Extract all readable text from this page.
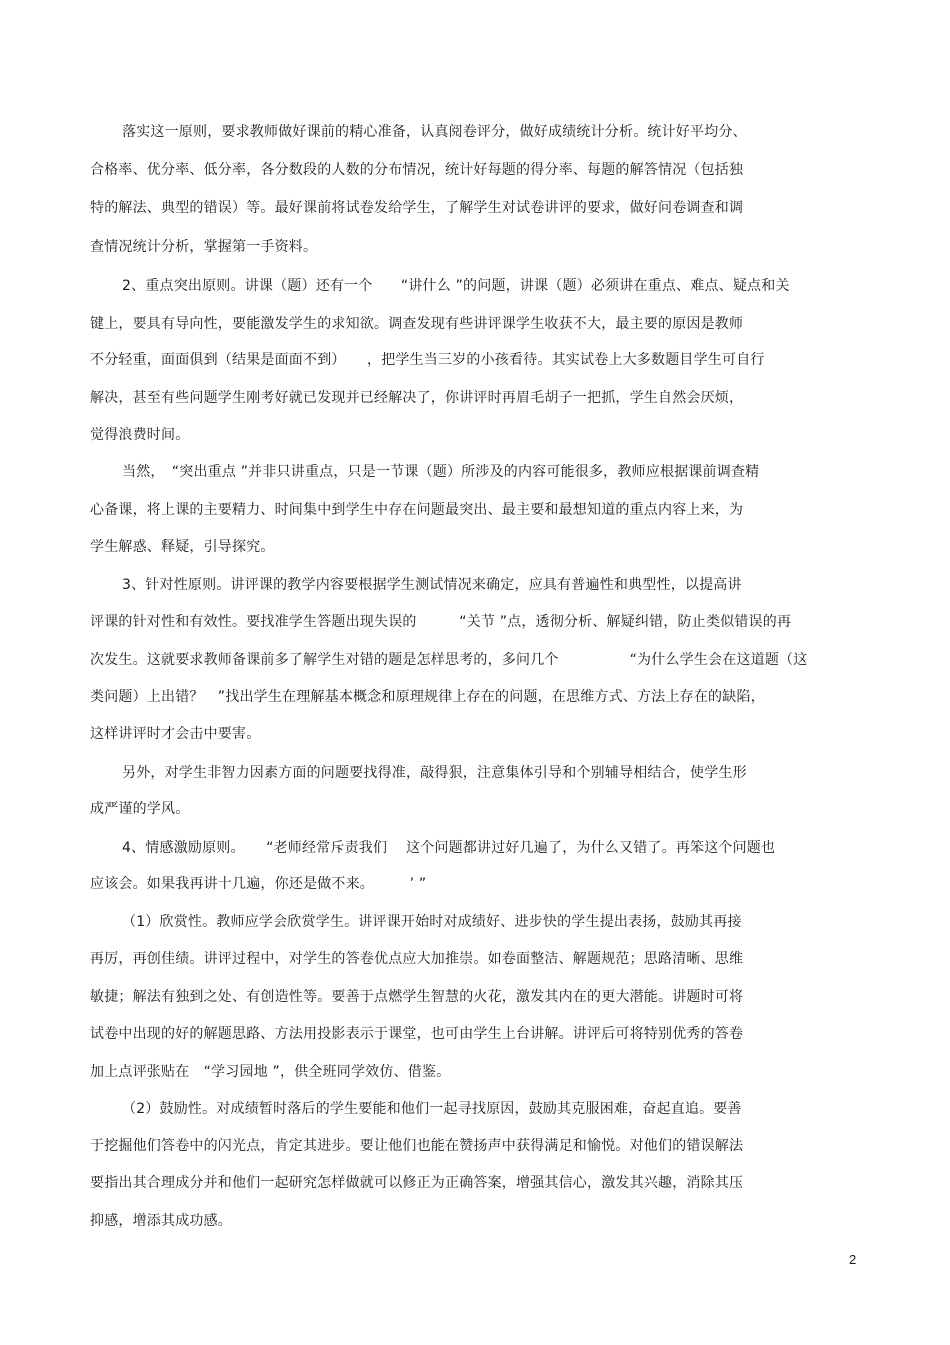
落实这一原则，要求教师做好课前的精心准备，认真阅卷评分，做好成绩统计分析。统计好平均分、
合格率、优分率、低分率，各分数段的人数的分布情况，统计好每题的得分率、每题的解答情况（包括独
特的解法、典型的错误）等。最好课前将试卷发给学生，了解学生对试卷讲评的要求，做好问卷调查和调
查情况统计分析，掌握第一手资料。
2、重点突出原则。讲课（题）还有一个　　“讲什么 ”的问题，讲课（题）必须讲在重点、难点、疑点和关
键上，要具有导向性，要能激发学生的求知欲。调查发现有些讲评课学生收获不大，最主要的原因是教师
不分轻重，面面俱到（结果是面面不到）　　，把学生当三岁的小孩看待。其实试卷上大多数题目学生可自行
解决，甚至有些问题学生刚考好就已发现并已经解决了，你讲评时再眉毛胡子一把抓，学生自然会厌烦，
觉得浪费时间。
当然，　“突出重点 ”并非只讲重点，只是一节课（题）所涉及的内容可能很多，教师应根据课前调查精
心备课，将上课的主要精力、时间集中到学生中存在问题最突出、最主要和最想知道的重点内容上来，为
学生解惑、释疑，引导探究。
3、针对性原则。讲评课的教学内容要根据学生测试情况来确定，应具有普遍性和典型性，以提高讲
评课的针对性和有效性。要找准学生答题出现失误的　　　“关节 ”点，透彻分析、解疑纠错，防止类似错误的再
次发生。这就要求教师备课前多了解学生对错的题是怎样思考的，多问几个　　　　　“为什么学生会在这道题（这
类问题）上出错？　”找出学生在理解基本概念和原理规律上存在的问题，在思维方式、方法上存在的缺陷，
这样讲评时才会击中要害。
另外，对学生非智力因素方面的问题要找得准，敲得狠，注意集体引导和个别辅导相结合，使学生形
成严谨的学风。
4、情感激励原则。　　“老师经常斥责我们　 这个问题都讲过好几遍了，为什么又错了。再笨这个问题也
应该会。如果我再讲十几遍，你还是做不来。　　　’ ”
（1）欣赏性。教师应学会欣赏学生。讲评课开始时对成绩好、进步快的学生提出表扬，鼓励其再接
再厉，再创佳绩。讲评过程中，对学生的答卷优点应大加推崇。如卷面整洁、解题规范；思路清晰、思维
敏捷；解法有独到之处、有创造性等。要善于点燃学生智慧的火花，激发其内在的更大潜能。讲题时可将
试卷中出现的好的解题思路、方法用投影表示于课堂，也可由学生上台讲解。讲评后可将特别优秀的答卷
加上点评张贴在　“学习园地 ”，供全班同学效仿、借鉴。
（2）鼓励性。对成绩暂时落后的学生要能和他们一起寻找原因，鼓励其克服困难，奋起直追。要善
于挖掘他们答卷中的闪光点，肯定其进步。要让他们也能在赞扬声中获得满足和愉悦。对他们的错误解法
要指出其合理成分并和他们一起研究怎样做就可以修正为正确答案，增强其信心，激发其兴趣，消除其压
抑感，增添其成功感。
2
